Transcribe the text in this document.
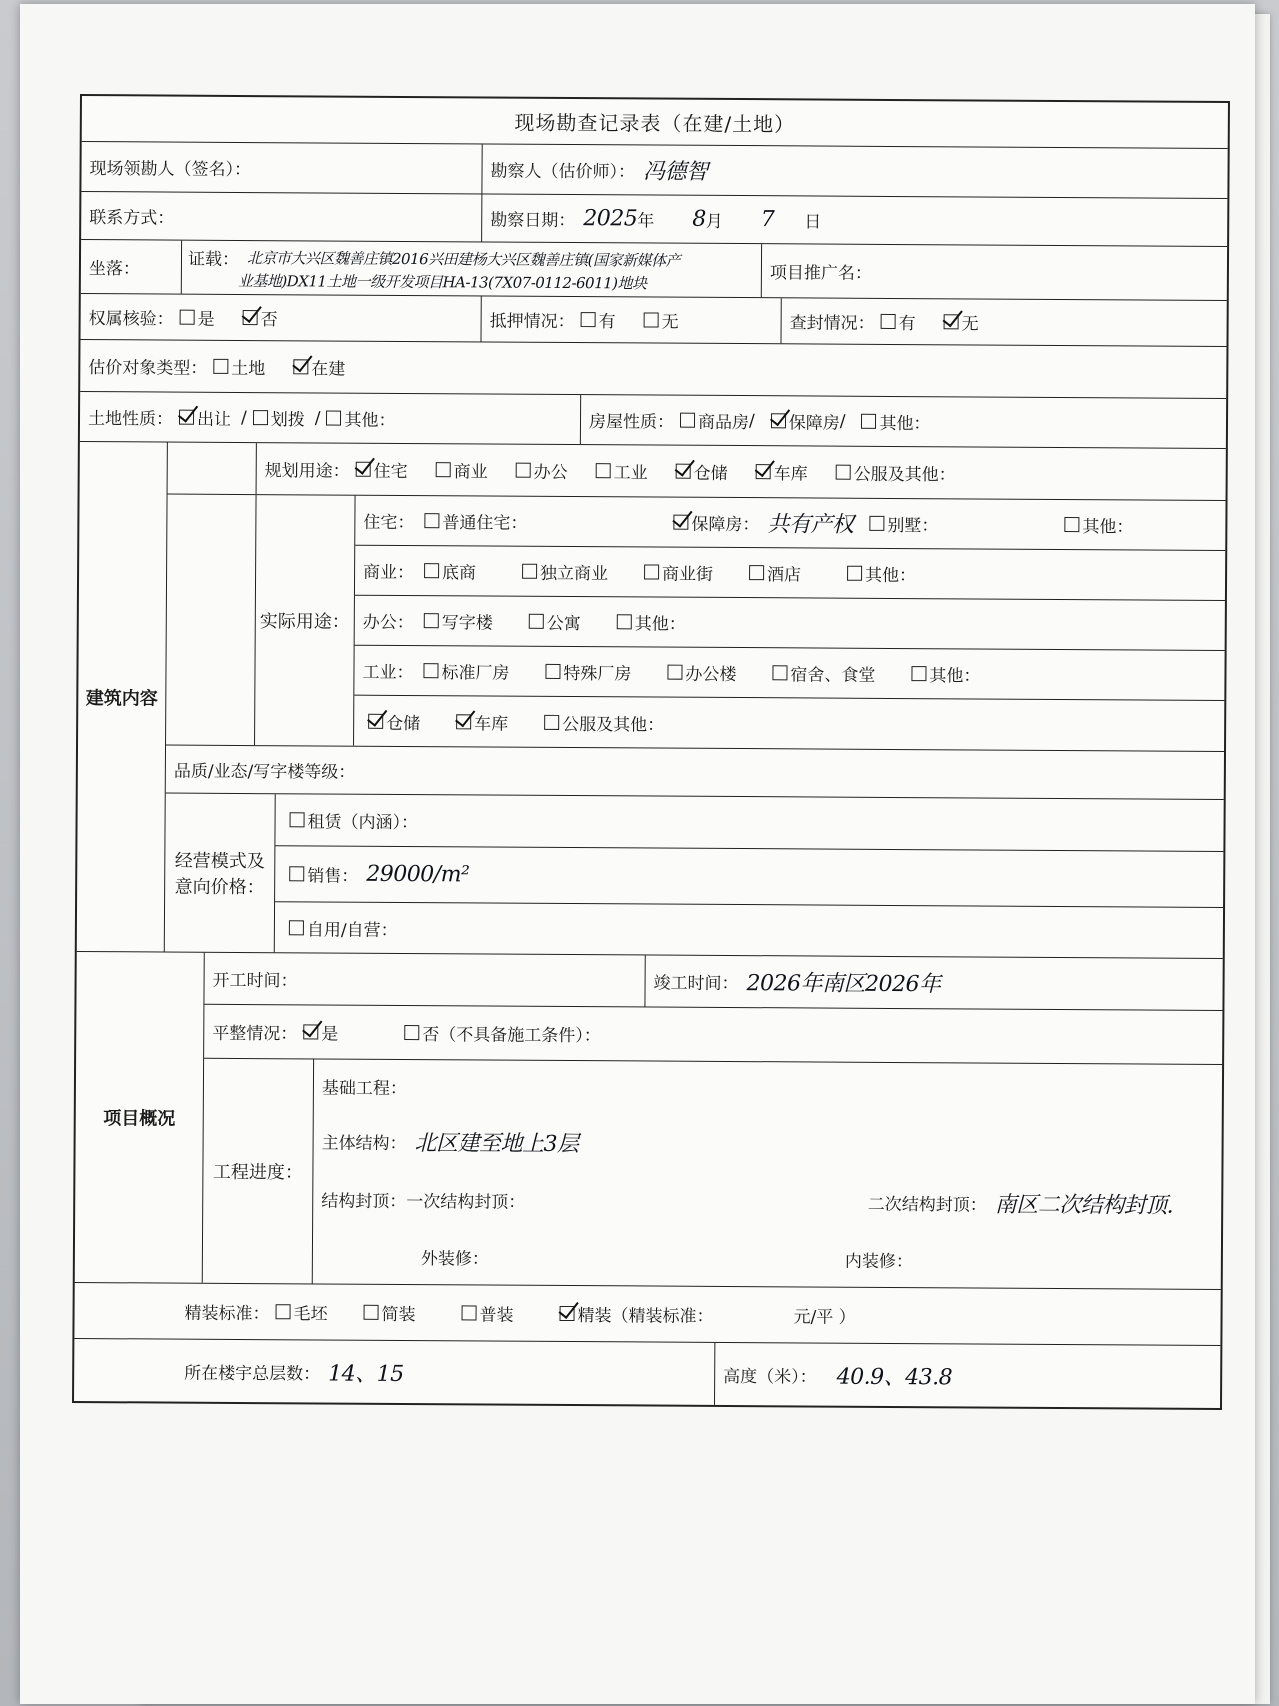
现场勘查记录表（在建/土地）
现场领勘人（签名）：	勘察人（估价师）： 冯德智
联系方式：	勘察日期： 2025 年 8 月 7 日
坐落：	证载： 北京市大兴区魏善庄镇2016兴田建杨大兴区魏善庄镇(国家新媒体产
业基地)DX11土地一级开发项目HA-13(7X07-0112-6011)地块	项目推广名：
权属核验： 是	否	抵押情况： 有	无	查封情况： 有	无
估价对象类型： 土地	在建
土地性质： 出让 / 划拨 / 其他：	房屋性质： 商品房 / 保障房 / 其他：
建筑内容
规划用途： 住宅	商业	办公	工业	仓储	车库	公服及其他：
实际用途：
住宅： 普通住宅：	保障房： 共有产权 别墅：	其他：
商业： 底商	独立商业	商业街	酒店	其他：
办公： 写字楼	公寓	其他：
工业： 标准厂房	特殊厂房	办公楼	宿舍、食堂	其他：
仓储	车库	公服及其他：
品质/业态/写字楼等级：
经营模式及意向价格：
租赁（内涵）：
销售： 29000/m²
自用/自营：
项目概况
开工时间：	竣工时间： 2026年南区2026年
平整情况： 是	否（不具备施工条件）：
工程进度：
基础工程：
主体结构： 北区建至地上3层
结构封顶： 一次结构封顶：	二次结构封顶： 南区二次结构封顶.
外装修：	内装修：
精装标准： 毛坯	简装	普装	精装（精装标准：	元/平 ）
所在楼宇总层数： 14、15	高度（米）： 40.9、43.8
